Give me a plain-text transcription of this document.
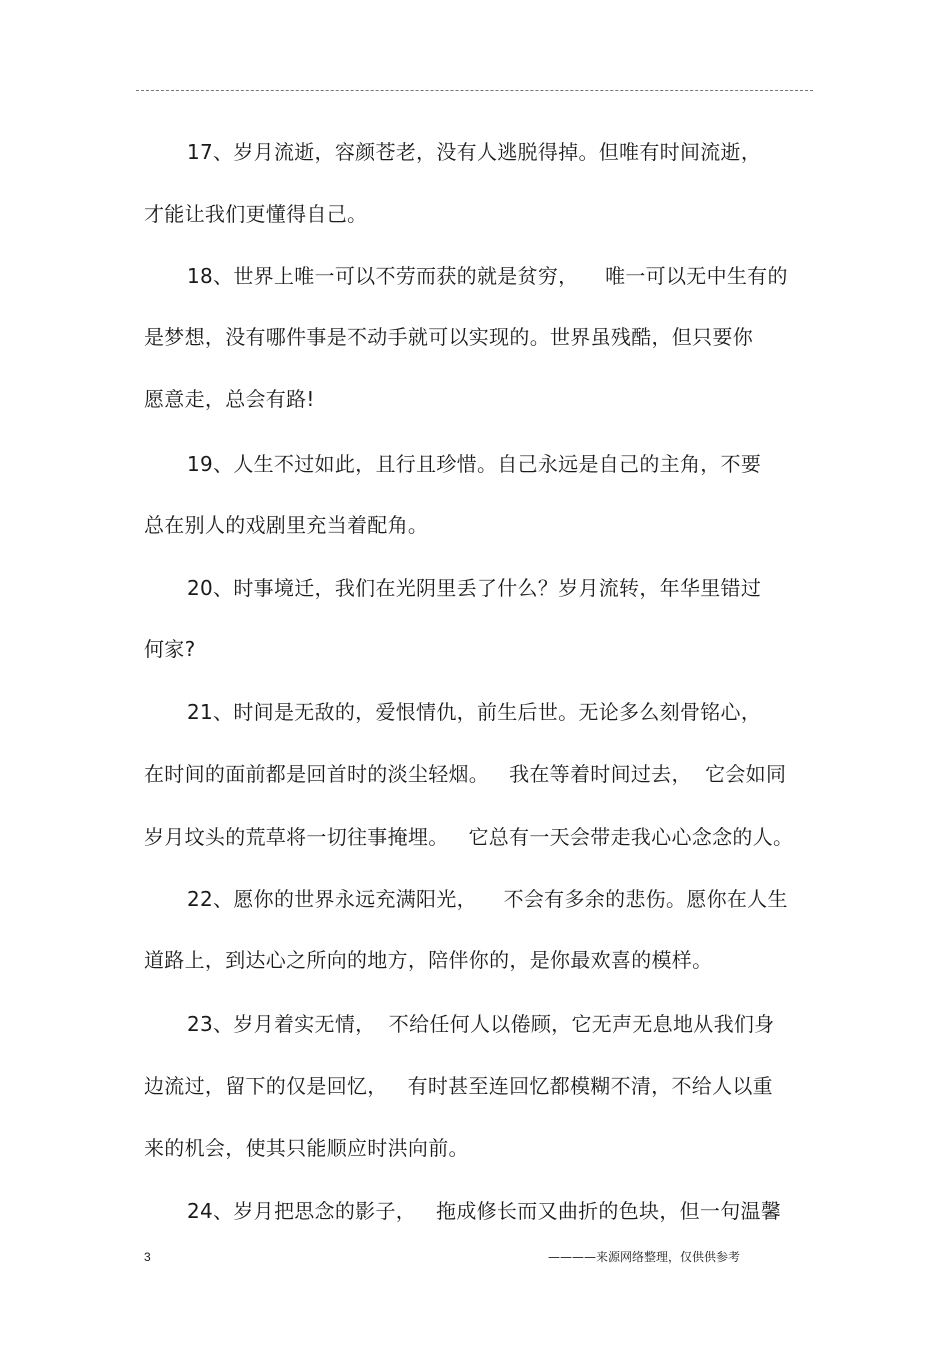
17、岁月流逝，容颜苍老，没有人逃脱得掉。但唯有时间流逝，
才能让我们更懂得自己。
18、世界上唯一可以不劳而获的就是贫穷，    唯一可以无中生有的
是梦想，没有哪件事是不动手就可以实现的。世界虽残酷，但只要你
愿意走，总会有路!
19、人生不过如此，且行且珍惜。自己永远是自己的主角，不要
总在别人的戏剧里充当着配角。
20、时事境迁，我们在光阴里丢了什么？岁月流转，年华里错过
何家?
21、时间是无敌的，爱恨情仇，前生后世。无论多么刻骨铭心，
在时间的面前都是回首时的淡尘轻烟。   我在等着时间过去，  它会如同
岁月坟头的荒草将一切往事掩埋。   它总有一天会带走我心心念念的人。
22、愿你的世界永远充满阳光，    不会有多余的悲伤。愿你在人生
道路上，到达心之所向的地方，陪伴你的，是你最欢喜的模样。
23、岁月着实无情，  不给任何人以倦顾，它无声无息地从我们身
边流过，留下的仅是回忆，   有时甚至连回忆都模糊不清，不给人以重
来的机会，使其只能顺应时洪向前。
24、岁月把思念的影子，   拖成修长而又曲折的色块，但一句温馨
3	————来源网络整理，仅供供参考
